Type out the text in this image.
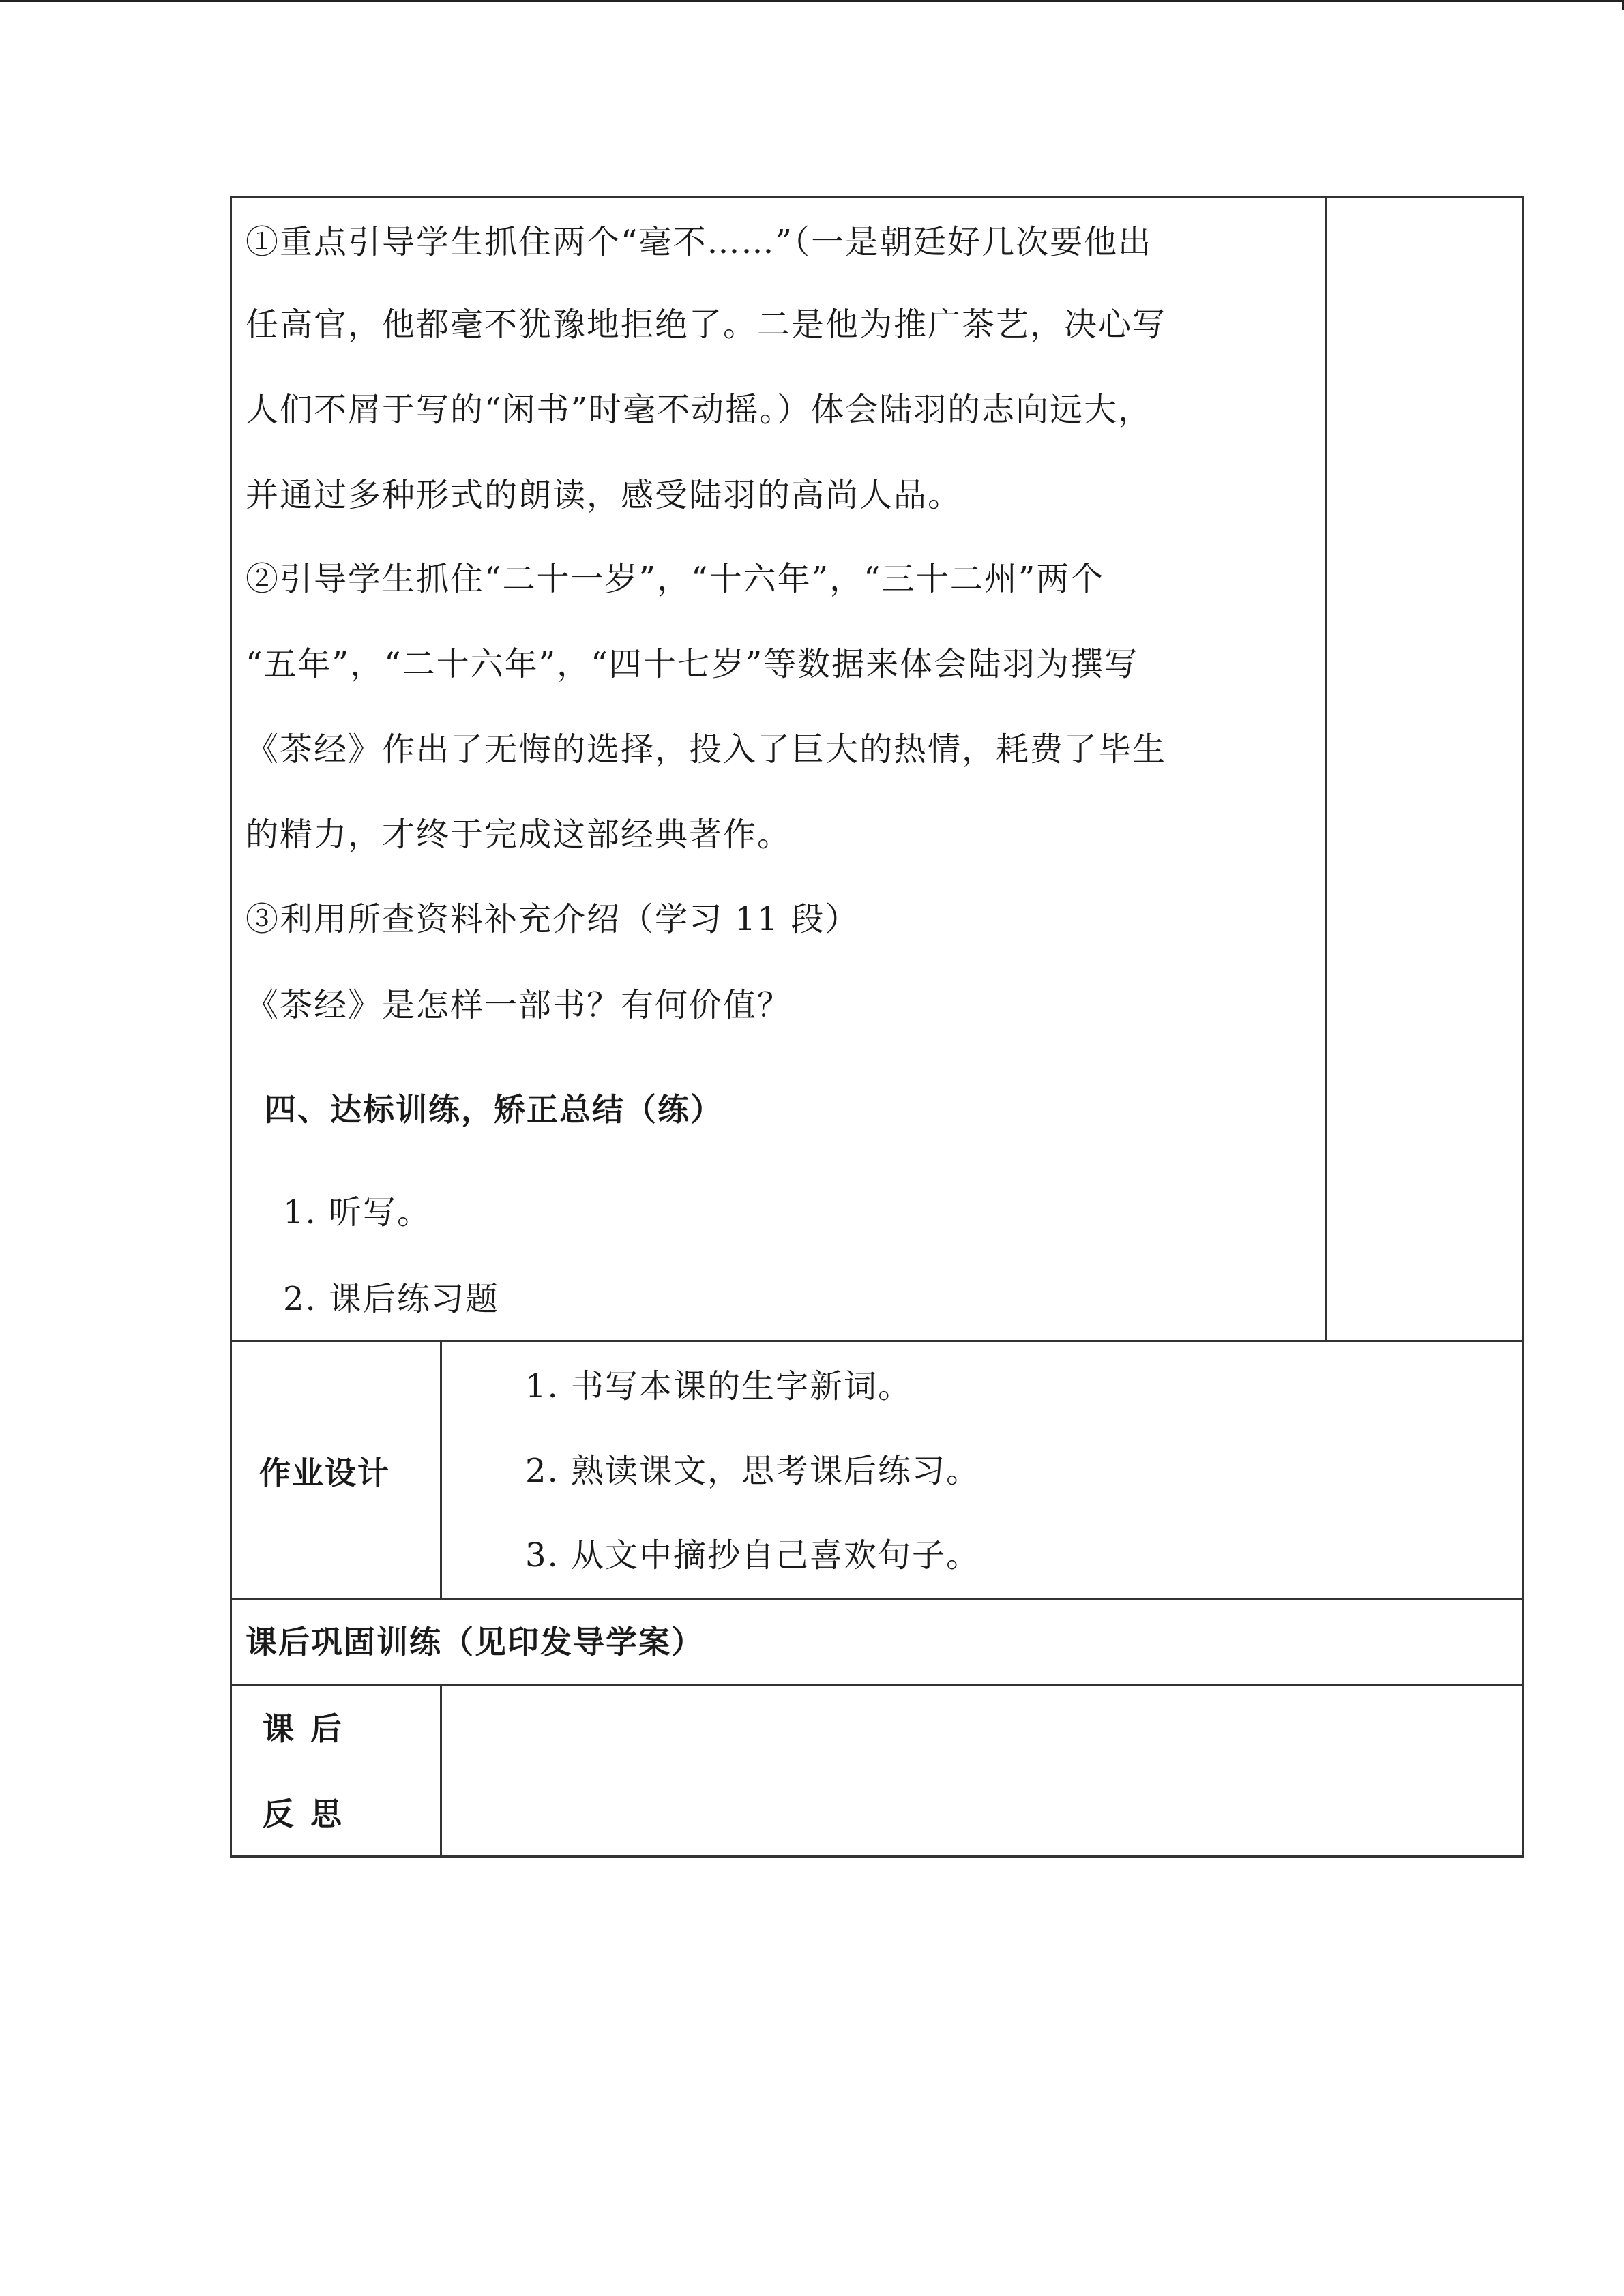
①重点引导学生抓住两个“毫不……”（一是朝廷好几次要他出
任高官，他都毫不犹豫地拒绝了。二是他为推广茶艺，决心写
人们不屑于写的“闲书”时毫不动摇。）体会陆羽的志向远大，
并通过多种形式的朗读，感受陆羽的高尚人品。
②引导学生抓住“二十一岁”，“十六年”，“三十二州”两个
“五年”，“二十六年”，“四十七岁”等数据来体会陆羽为撰写
《茶经》作出了无悔的选择，投入了巨大的热情，耗费了毕生
的精力，才终于完成这部经典著作。
③利用所查资料补充介绍（学习 11 段）
《茶经》是怎样一部书？有何价值？
四、达标训练，矫正总结（练）
1. 听写。
2. 课后练习题
作业设计
1. 书写本课的生字新词。
2. 熟读课文，思考课后练习。
3. 从文中摘抄自己喜欢句子。
课后巩固训练（见印发导学案）
课 后
反 思
